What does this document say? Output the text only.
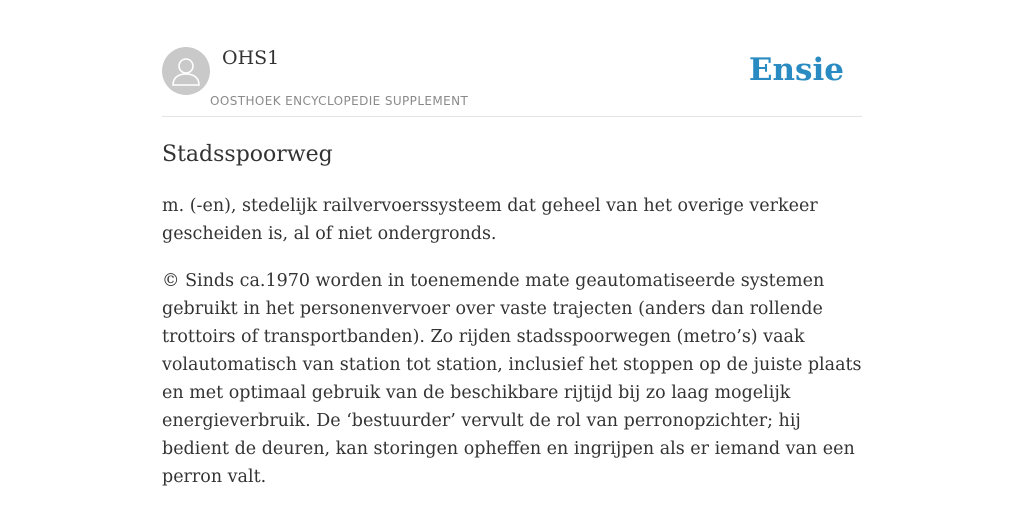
OHS1
OOSTHOEK ENCYCLOPEDIE SUPPLEMENT
Ensie
Stadsspoorweg

m. (-en), stedelijk railvervoerssysteem dat geheel van het overige verkeer gescheiden is, al of niet ondergronds.

© Sinds ca.1970 worden in toenemende mate geautomatiseerde systemen gebruikt in het personenvervoer over vaste trajecten (anders dan rollende trottoirs of transportbanden). Zo rijden stadsspoorwegen (metro’s) vaak volautomatisch van station tot station, inclusief het stoppen op de juiste plaats en met optimaal gebruik van de beschikbare rijtijd bij zo laag mogelijk energieverbruik. De ‘bestuurder’ vervult de rol van perronopzichter; hij bedient de deuren, kan storingen opheffen en ingrijpen als er iemand van een perron valt.
